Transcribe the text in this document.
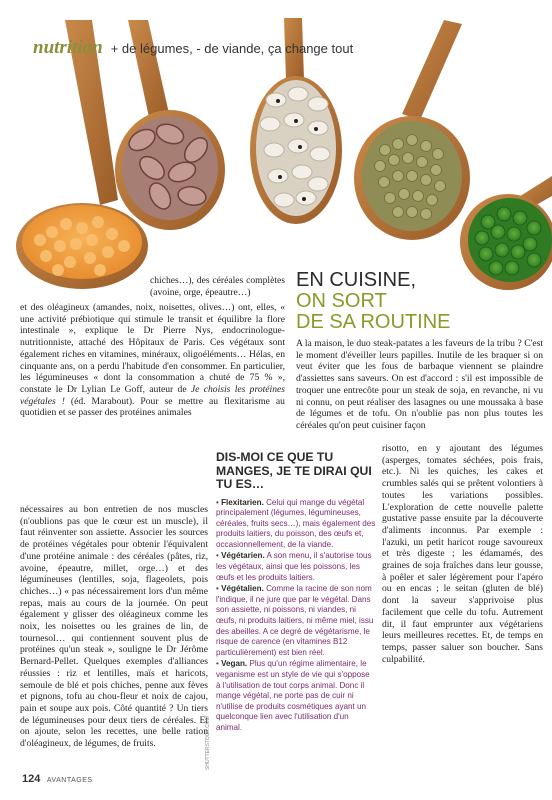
nutrition + de légumes, - de viande, ça change tout
chiches…), des céréales complètes (avoine, orge, épeautre…)
et des oléagineux (amandes, noix, noisettes, olives…) ont, elles, « une activité prébiotique qui stimule le transit et équilibre la flore intestinale », explique le Dr Pierre Nys, endocrinologue-nutritionniste, attaché des Hôpitaux de Paris. Ces végétaux sont également riches en vitamines, minéraux, oligoéléments… Hélas, en cinquante ans, on a perdu l'habitude d'en consommer. En particulier, les légumineuses « dont la consommation a chuté de 75 % », constate le Dr Lylian Le Goff, auteur de Je choisis les protéines végétales ! (éd. Marabout). Pour se mettre au flexitarisme au quotidien et se passer des protéines animales
nécessaires au bon entretien de nos muscles (n'oublions pas que le cœur est un muscle), il faut réinventer son assiette. Associer les sources de protéines végétales pour obtenir l'équivalent d'une protéine animale : des céréales (pâtes, riz, avoine, épeautre, millet, orge…) et des légumineuses (lentilles, soja, flageolets, pois chiches…) « pas nécessairement lors d'un même repas, mais au cours de la journée. On peut également y glisser des oléagineux comme les noix, les noisettes ou les graines de lin, de tournesol… qui contiennent souvent plus de protéines qu'un steak », souligne le Dr Jérôme Bernard-Pellet. Quelques exemples d'alliances réussies : riz et lentilles, maïs et haricots, semoule de blé et pois chiches, penne aux fèves et pignons, tofu au chou-fleur et noix de cajou, pain et soupe aux pois. Côté quantité ? Un tiers de légumineuses pour deux tiers de céréales. Et on ajoute, selon les recettes, une belle ration d'oléagineux, de légumes, de fruits.
EN CUISINE,
ON SORT
DE SA ROUTINE
A la maison, le duo steak-patates a les faveurs de la tribu ? C'est le moment d'éveiller leurs papilles. Inutile de les braquer si on veut éviter que les fous de barbaque viennent se plaindre d'assiettes sans saveurs. On est d'accord : s'il est impossible de troquer une entrecôte pour un steak de soja, en revanche, ni vu ni connu, on peut réaliser des lasagnes ou une moussaka à base de légumes et de tofu. On n'oublie pas non plus toutes les céréales qu'on peut cuisiner façon
risotto, en y ajoutant des légumes (asperges, tomates séchées, pois frais, etc.). Ni les quiches, les cakes et crumbles salés qui se prêtent volontiers à toutes les variations possibles. L'exploration de cette nouvelle palette gustative passe ensuite par la découverte d'aliments inconnus. Par exemple : l'azuki, un petit haricot rouge savoureux et très digeste ; les édamamés, des graines de soja fraîches dans leur gousse, à poêler et saler légèrement pour l'apéro ou en encas ; le seitan (gluten de blé) dont la saveur s'apprivoise plus facilement que celle du tofu. Autrement dit, il faut emprunter aux végétariens leurs meilleures recettes. Et, de temps en temps, passer saluer son boucher. Sans culpabilité.

DIS-MOI CE QUE TU MANGES, JE TE DIRAI QUI TU ES…

• Flexitarien. Celui qui mange du végétal principalement (légumes, légumineuses, céréales, fruits secs…), mais également des produits laitiers, du poisson, des œufs et, occasionnellement, de la viande.
• Végétarien. A son menu, il s'autorise tous les végétaux, ainsi que les poissons, les œufs et les produits laitiers.
• Végétalien. Comme la racine de son nom l'indique, il ne jure que par le végétal. Dans son assiette, ni poissons, ni viandes, ni œufs, ni produits laitiers, ni même miel, issu des abeilles. A ce degré de végétarisme, le risque de carence (en vitamines B12 particulièrement) est bien réel.
• Vegan. Plus qu'un régime alimentaire, le veganisme est un style de vie qui s'oppose à l'utilisation de tout corps animal. Donc il mange végétal, ne porte pas de cuir ni n'utilise de produits cosmétiques ayant un quelconque lien avec l'utilisation d'un animal.
SHUTTERSTOCK.COM
124 AVANTAGES
